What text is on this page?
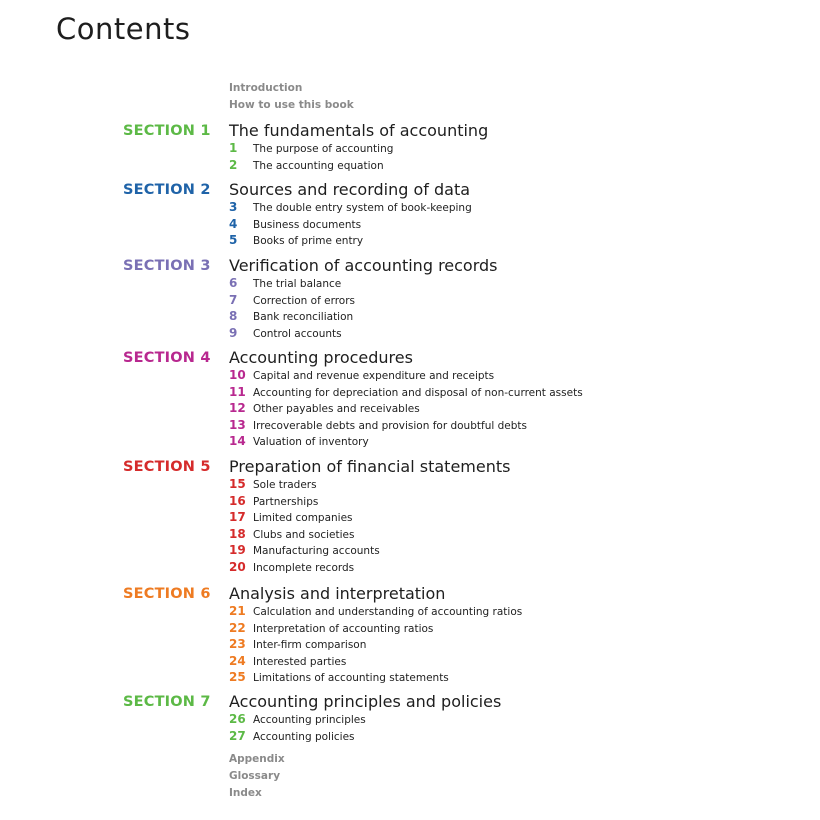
Contents
Introduction
How to use this book
SECTION 1 The fundamentals of accounting
1 The purpose of accounting
2 The accounting equation
SECTION 2 Sources and recording of data
3 The double entry system of book-keeping
4 Business documents
5 Books of prime entry
SECTION 3 Verification of accounting records
6 The trial balance
7 Correction of errors
8 Bank reconciliation
9 Control accounts
SECTION 4 Accounting procedures
10 Capital and revenue expenditure and receipts
11 Accounting for depreciation and disposal of non-current assets
12 Other payables and receivables
13 Irrecoverable debts and provision for doubtful debts
14 Valuation of inventory
SECTION 5 Preparation of financial statements
15 Sole traders
16 Partnerships
17 Limited companies
18 Clubs and societies
19 Manufacturing accounts
20 Incomplete records
SECTION 6 Analysis and interpretation
21 Calculation and understanding of accounting ratios
22 Interpretation of accounting ratios
23 Inter-firm comparison
24 Interested parties
25 Limitations of accounting statements
SECTION 7 Accounting principles and policies
26 Accounting principles
27 Accounting policies
Appendix
Glossary
Index
